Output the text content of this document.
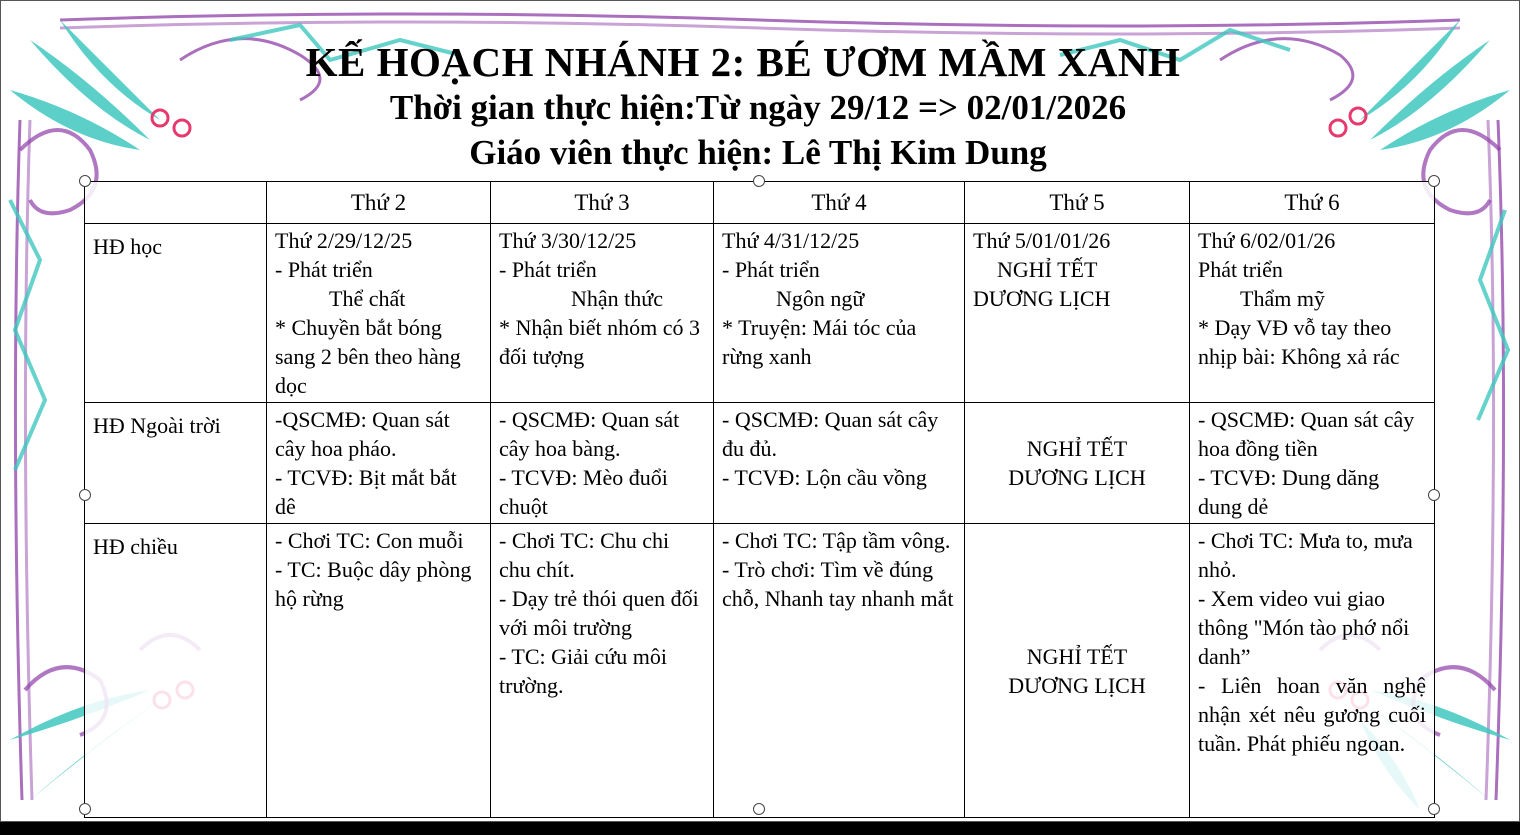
KẾ HOẠCH NHÁNH 2: BÉ ƯƠM MẦM XANH
Thời gian thực hiện:Từ ngày 29/12 => 02/01/2026
Giáo viên thực hiện: Lê Thị Kim Dung
	Thứ 2	Thứ 3	Thứ 4	Thứ 5	Thứ 6
HĐ học	Thứ 2/29/12/25
- Phát triển
Thể chất
* Chuyền bắt bóng sang 2 bên theo hàng dọc	Thứ 3/30/12/25
- Phát triển
Nhận thức
* Nhận biết nhóm có 3 đối tượng	Thứ 4/31/12/25
- Phát triển
Ngôn ngữ
* Truyện: Mái tóc của rừng xanh	Thứ 5/01/01/26
NGHỈ TẾT
DƯƠNG LỊCH	Thứ 6/02/01/26
Phát triển
Thẩm mỹ
* Dạy VĐ vỗ tay theo nhịp bài: Không xả rác

HĐ Ngoài trời	-QSCMĐ: Quan sát cây hoa pháo.
- TCVĐ: Bịt mắt bắt dê	- QSCMĐ: Quan sát cây hoa bàng.
- TCVĐ: Mèo đuổi chuột	- QSCMĐ: Quan sát cây đu đủ.
- TCVĐ: Lộn cầu vồng	NGHỈ TẾT
DƯƠNG LỊCH	- QSCMĐ: Quan sát cây hoa đồng tiền
- TCVĐ: Dung dăng dung dẻ

HĐ chiều	- Chơi TC: Con muỗi
- TC: Buộc dây phòng hộ rừng	- Chơi TC: Chu chi chu chít.
- Dạy trẻ thói quen đối với môi trường
- TC: Giải cứu môi trường.	- Chơi TC: Tập tầm vông.
- Trò chơi: Tìm về đúng chỗ, Nhanh tay nhanh mắt	NGHỈ TẾT
DƯƠNG LỊCH	- Chơi TC: Mưa to, mưa nhỏ.
- Xem video vui giao thông "Món tào phớ nổi danh”
- Liên hoan văn nghệ nhận xét nêu gương cuối tuần. Phát phiếu ngoan.
